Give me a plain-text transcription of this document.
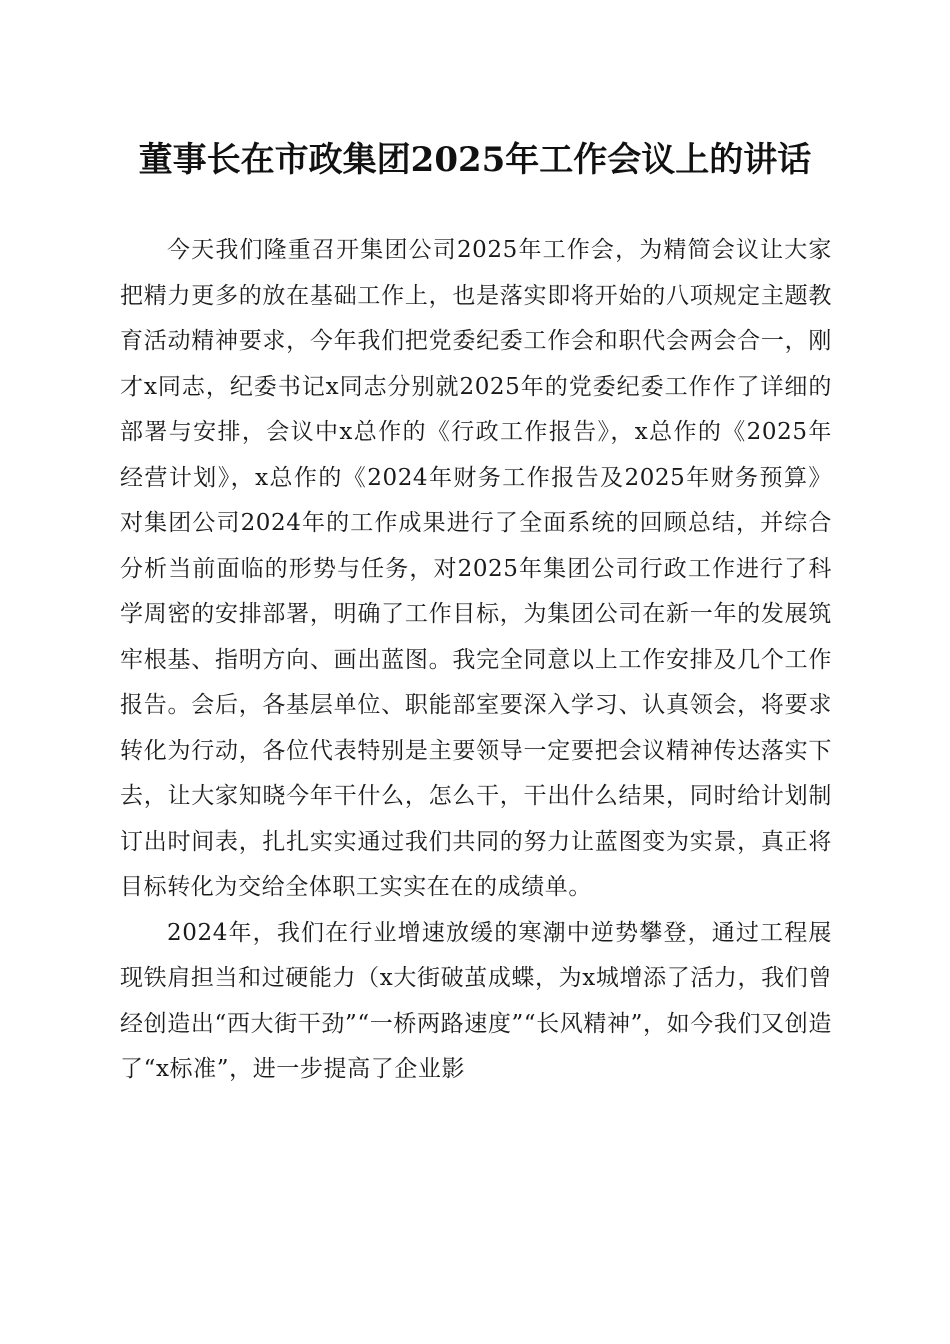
董事长在市政集团2025年工作会议上的讲话

今天我们隆重召开集团公司2025年工作会，为精简会议让大家把精力更多的放在基础工作上，也是落实即将开始的八项规定主题教育活动精神要求，今年我们把党委纪委工作会和职代会两会合一，刚才x同志，纪委书记x同志分别就2025年的党委纪委工作作了详细的部署与安排，会议中x总作的《行政工作报告》，x总作的《2025年经营计划》，x总作的《2024年财务工作报告及2025年财务预算》对集团公司2024年的工作成果进行了全面系统的回顾总结，并综合分析当前面临的形势与任务，对2025年集团公司行政工作进行了科学周密的安排部署，明确了工作目标，为集团公司在新一年的发展筑牢根基、指明方向、画出蓝图。我完全同意以上工作安排及几个工作报告。会后，各基层单位、职能部室要深入学习、认真领会，将要求转化为行动，各位代表特别是主要领导一定要把会议精神传达落实下去，让大家知晓今年干什么，怎么干，干出什么结果，同时给计划制订出时间表，扎扎实实通过我们共同的努力让蓝图变为实景，真正将目标转化为交给全体职工实实在在的成绩单。

2024年，我们在行业增速放缓的寒潮中逆势攀登，通过工程展现铁肩担当和过硬能力（x大街破茧成蝶，为x城增添了活力，我们曾经创造出“西大街干劲”“一桥两路速度”“长风精神”，如今我们又创造了“x标准”，进一步提高了企业影
